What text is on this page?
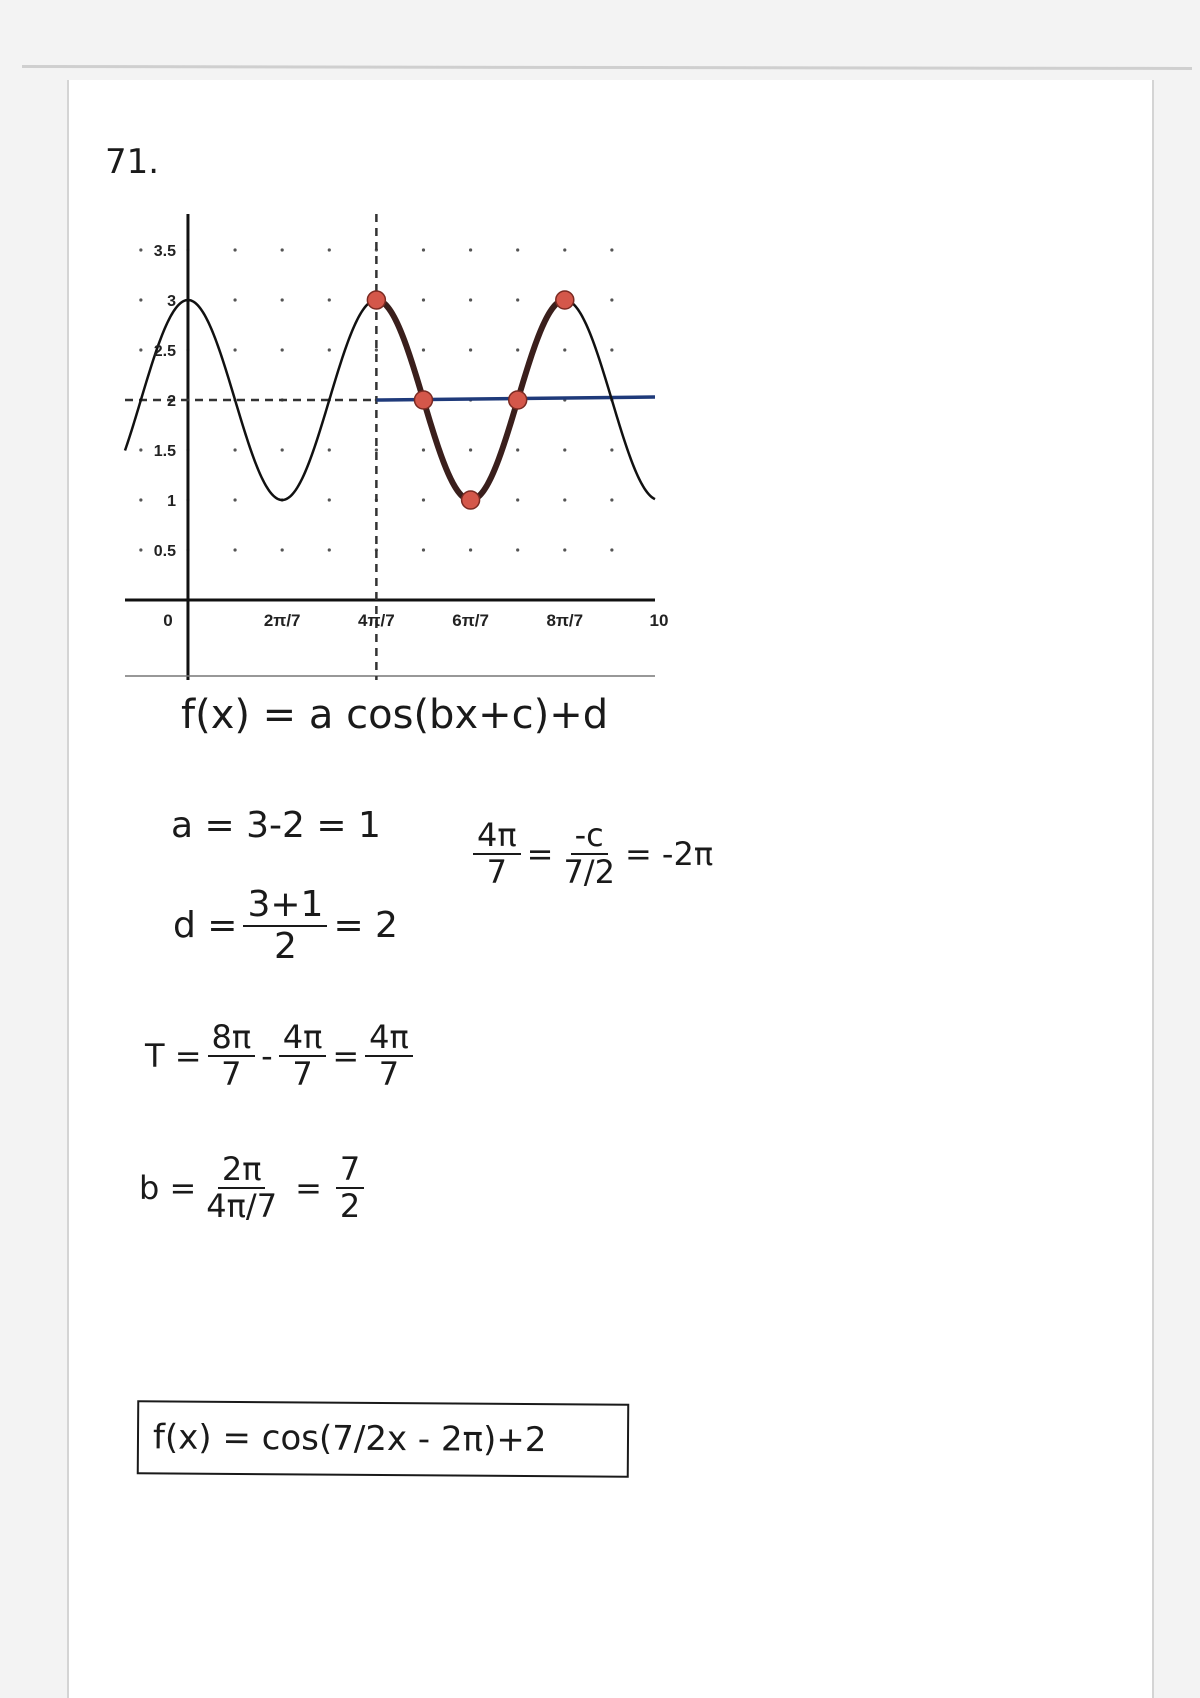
71.
3.5
3
2.5
2
1.5
1
0.5
0	2π/7	4π/7	6π/7	8π/7	10
f(x) = a cos(bx+c)+d
a = 3-2 = 1
$d = \frac{3+1}{2} = 2$
$\frac{4\pi}{7} = \frac{-c}{7/2} = -2\pi$
$T = \frac{8\pi}{7} - \frac{4\pi}{7} = \frac{4\pi}{7}$
$b = \frac{2\pi}{4\pi/7} = \frac{7}{2}$
f(x) = cos(7/2x - 2π)+2
